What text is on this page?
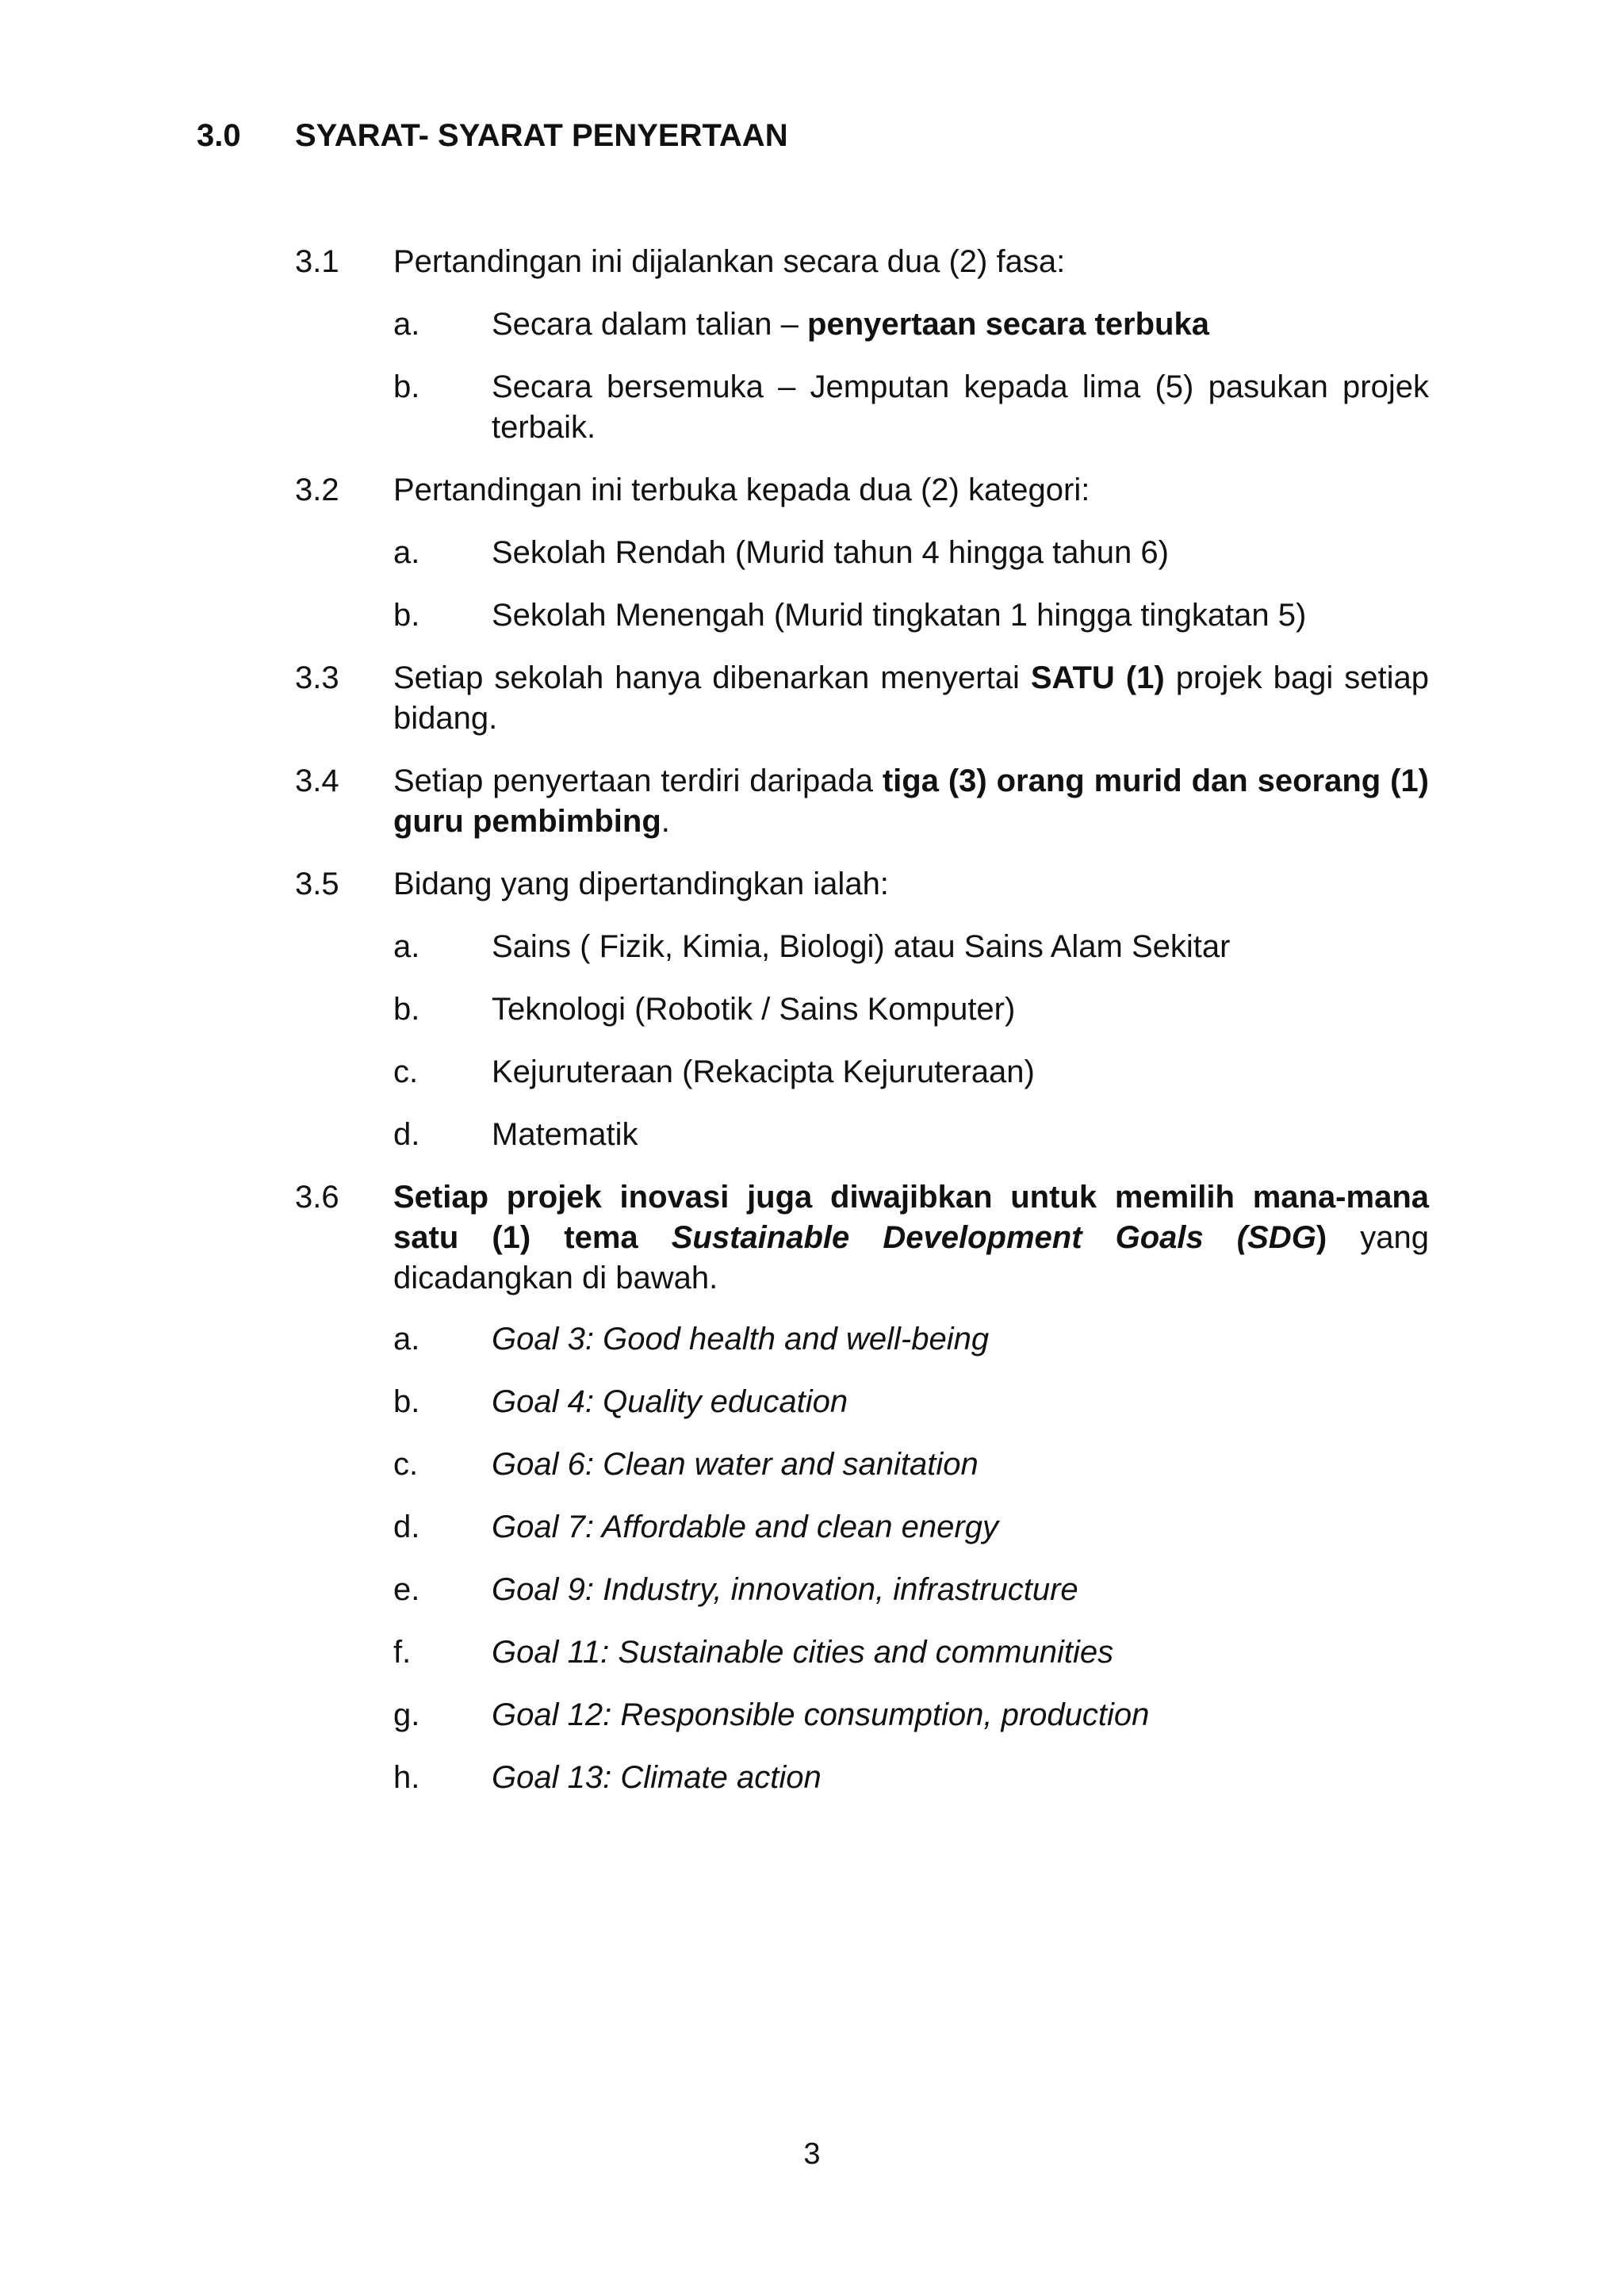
3.0 SYARAT- SYARAT PENYERTAAN
3.1 Pertandingan ini dijalankan secara dua (2) fasa:
a. Secara dalam talian – penyertaan secara terbuka
b. Secara bersemuka – Jemputan kepada lima (5) pasukan projek terbaik.
3.2 Pertandingan ini terbuka kepada dua (2) kategori:
a. Sekolah Rendah (Murid tahun 4 hingga tahun 6)
b. Sekolah Menengah (Murid tingkatan 1 hingga tingkatan 5)
3.3 Setiap sekolah hanya dibenarkan menyertai SATU (1) projek bagi setiap bidang.
3.4 Setiap penyertaan terdiri daripada tiga (3) orang murid dan seorang (1) guru pembimbing.
3.5 Bidang yang dipertandingkan ialah:
a. Sains ( Fizik, Kimia, Biologi) atau Sains Alam Sekitar
b. Teknologi (Robotik / Sains Komputer)
c. Kejuruteraan (Rekacipta Kejuruteraan)
d. Matematik
3.6 Setiap projek inovasi juga diwajibkan untuk memilih mana-mana satu (1) tema Sustainable Development Goals (SDG) yang dicadangkan di bawah.
a. Goal 3: Good health and well-being
b. Goal 4: Quality education
c. Goal 6: Clean water and sanitation
d. Goal 7: Affordable and clean energy
e. Goal 9: Industry, innovation, infrastructure
f.	Goal 11: Sustainable cities and communities
g. Goal 12: Responsible consumption, production
h. Goal 13: Climate action
3
